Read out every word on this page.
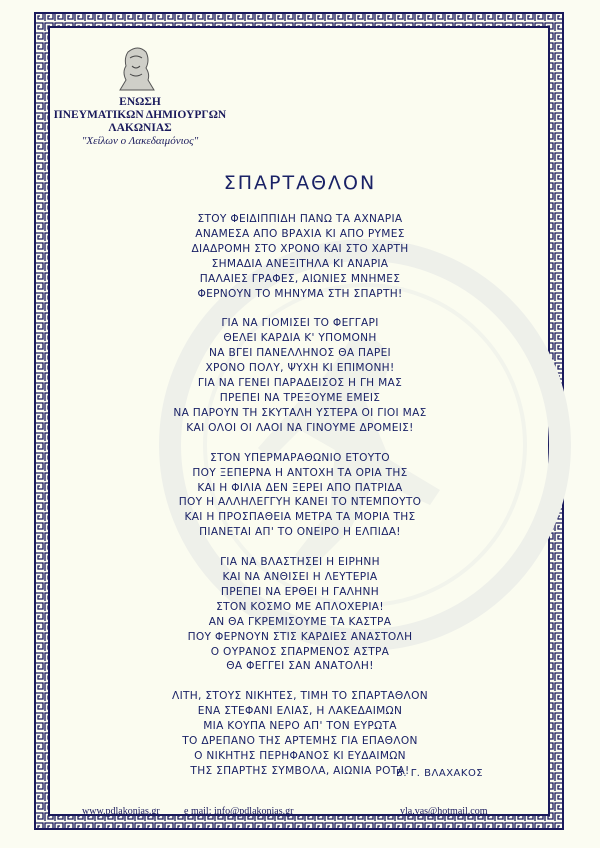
ΕΝΩΣΗ
ΠΝΕΥΜΑΤΙΚΩΝ ΔΗΜΙΟΥΡΓΩΝ
ΛΑΚΩΝΙΑΣ
"Χείλων ο Λακεδαιμόνιος"
ΣΠΑΡΤΑΘΛΟΝ
ΣΤΟΥ ΦΕΙΔΙΠΠΙΔΗ ΠΑΝΩ ΤΑ ΑΧΝΑΡΙΑ
ΑΝΑΜΕΣΑ ΑΠΟ ΒΡΑΧΙΑ ΚΙ ΑΠΟ ΡΥΜΕΣ
ΔΙΑΔΡΟΜΗ ΣΤΟ ΧΡΟΝΟ ΚΑΙ ΣΤΟ ΧΑΡΤΗ
ΣΗΜΑΔΙΑ ΑΝΕΞΙΤΗΛΑ ΚΙ ΑΝΑΡΙΑ
ΠΑΛΑΙΕΣ ΓΡΑΦΕΣ, ΑΙΩΝΙΕΣ ΜΝΗΜΕΣ
ΦΕΡΝΟΥΝ ΤΟ ΜΗΝΥΜΑ ΣΤΗ ΣΠΑΡΤΗ!
ΓΙΑ ΝΑ ΓΙΟΜΙΣΕΙ ΤΟ ΦΕΓΓΑΡΙ
ΘΕΛΕΙ ΚΑΡΔΙΑ Κ' ΥΠΟΜΟΝΗ
ΝΑ ΒΓΕΙ ΠΑΝΕΛΛΗΝΟΣ ΘΑ ΠΑΡΕΙ
ΧΡΟΝΟ ΠΟΛΥ, ΨΥΧΗ ΚΙ ΕΠΙΜΟΝΗ!
ΓΙΑ ΝΑ ΓΕΝΕΙ ΠΑΡΑΔΕΙΣΟΣ Η ΓΗ ΜΑΣ
ΠΡΕΠΕΙ ΝΑ ΤΡΕΞΟΥΜΕ ΕΜΕΙΣ
ΝΑ ΠΑΡΟΥΝ ΤΗ ΣΚΥΤΑΛΗ ΥΣΤΕΡΑ ΟΙ ΓΙΟΙ ΜΑΣ
ΚΑΙ ΟΛΟΙ ΟΙ ΛΑΟΙ ΝΑ ΓΙΝΟΥΜΕ ΔΡΟΜΕΙΣ!
ΣΤΟΝ ΥΠΕΡΜΑΡΑΘΩΝΙΟ ΕΤΟΥΤΟ
ΠΟΥ ΞΕΠΕΡΝΑ Η ΑΝΤΟΧΗ ΤΑ ΟΡΙΑ ΤΗΣ
ΚΑΙ Η ΦΙΛΙΑ ΔΕΝ ΞΕΡΕΙ ΑΠΟ ΠΑΤΡΙΔΑ
ΠΟΥ Η ΑΛΛΗΛΕΓΓΥΗ ΚΑΝΕΙ ΤΟ ΝΤΕΜΠΟΥΤΟ
ΚΑΙ Η ΠΡΟΣΠΑΘΕΙΑ ΜΕΤΡΑ ΤΑ ΜΟΡΙΑ ΤΗΣ
ΠΙΑΝΕΤΑΙ ΑΠ' ΤΟ ΟΝΕΙΡΟ Η ΕΛΠΙΔΑ!
ΓΙΑ ΝΑ ΒΛΑΣΤΗΣΕΙ Η ΕΙΡΗΝΗ
ΚΑΙ ΝΑ ΑΝΘΙΣΕΙ Η ΛΕΥΤΕΡΙΑ
ΠΡΕΠΕΙ ΝΑ ΕΡΘΕΙ Η ΓΑΛΗΝΗ
ΣΤΟΝ ΚΟΣΜΟ ΜΕ ΑΠΛΟΧΕΡΙΑ!
ΑΝ ΘΑ ΓΚΡΕΜΙΣΟΥΜΕ ΤΑ ΚΑΣΤΡΑ
ΠΟΥ ΦΕΡΝΟΥΝ ΣΤΙΣ ΚΑΡΔΙΕΣ ΑΝΑΣΤΟΛΗ
Ο ΟΥΡΑΝΟΣ ΣΠΑΡΜΕΝΟΣ ΑΣΤΡΑ
ΘΑ ΦΕΓΓΕΙ ΣΑΝ ΑΝΑΤΟΛΗ!
ΛΙΤΗ, ΣΤΟΥΣ ΝΙΚΗΤΕΣ, ΤΙΜΗ ΤΟ ΣΠΑΡΤΑΘΛΟΝ
ΕΝΑ ΣΤΕΦΑΝΙ ΕΛΙΑΣ, Η ΛΑΚΕΔΑΙΜΩΝ
ΜΙΑ ΚΟΥΠΑ ΝΕΡΟ ΑΠ' ΤΟΝ ΕΥΡΩΤΑ
ΤΟ ΔΡΕΠΑΝΟ ΤΗΣ ΑΡΤΕΜΗΣ ΓΙΑ ΕΠΑΘΛΟΝ
Ο ΝΙΚΗΤΗΣ ΠΕΡΗΦΑΝΟΣ ΚΙ ΕΥΔΑΙΜΩΝ
ΤΗΣ ΣΠΑΡΤΗΣ ΣΥΜΒΟΛΑ, ΑΙΩΝΙΑ ΡΟΤΑ!
Β. Γ. ΒΛΑΧΑΚΟΣ
www.pdlakonias.gr e mail: info@pdlakonias.gr	vla.vas@hotmail.com
